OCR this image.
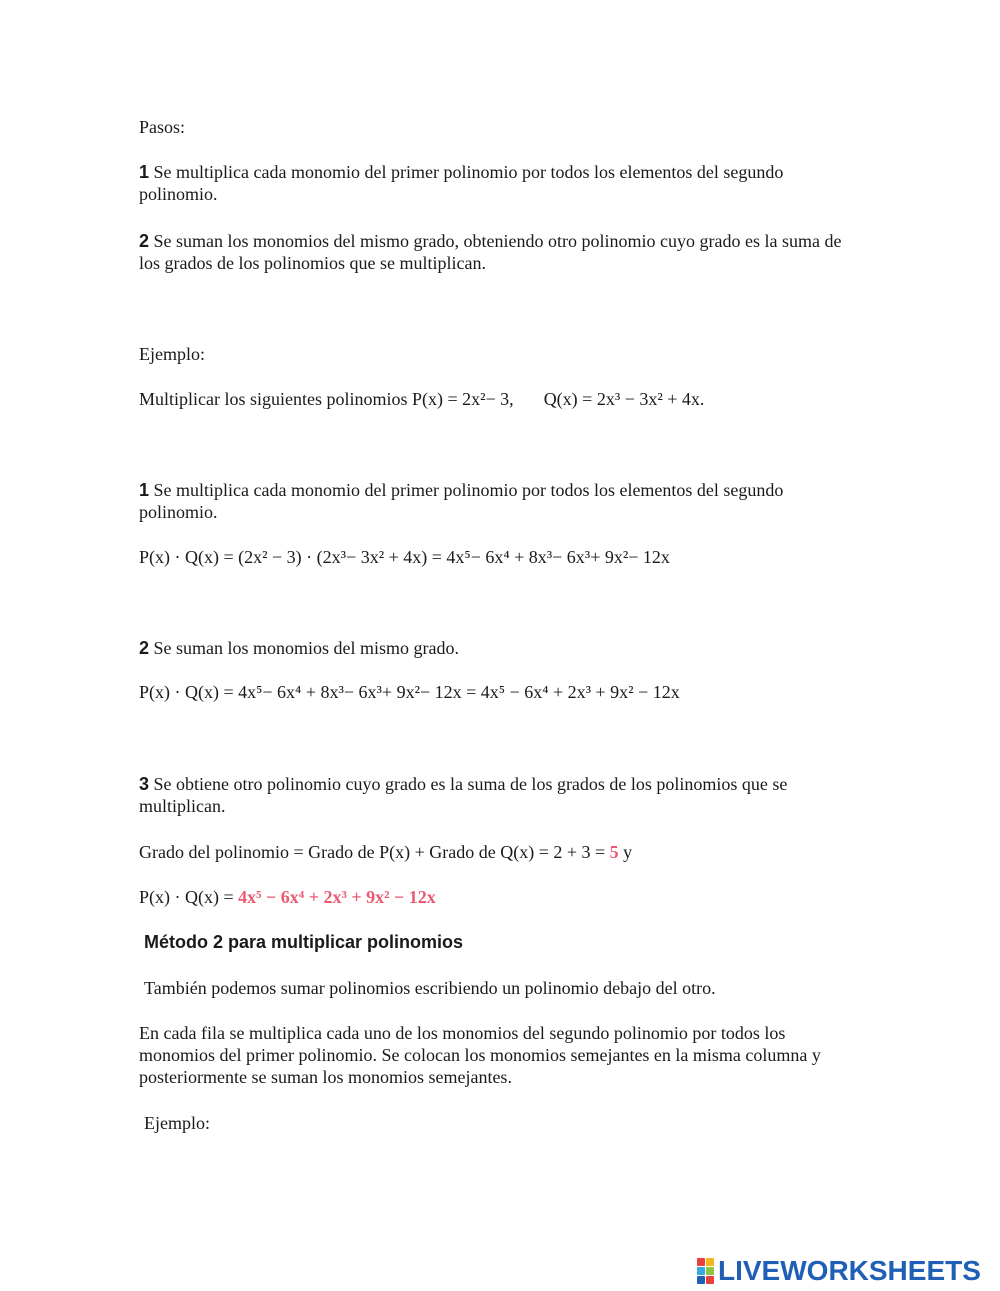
Pasos:

1 Se multiplica cada monomio del primer polinomio por todos los elementos del segundo polinomio.

2 Se suman los monomios del mismo grado, obteniendo otro polinomio cuyo grado es la suma de los grados de los polinomios que se multiplican.

Ejemplo:

Multiplicar los siguientes polinomios P(x) = 2x²− 3, Q(x) = 2x³ − 3x² + 4x.

1 Se multiplica cada monomio del primer polinomio por todos los elementos del segundo polinomio.

P(x) · Q(x) = (2x² − 3) · (2x³− 3x² + 4x) = 4x⁵− 6x⁴ + 8x³− 6x³+ 9x²− 12x

2 Se suman los monomios del mismo grado.

P(x) · Q(x) = 4x⁵− 6x⁴ + 8x³− 6x³+ 9x²− 12x = 4x⁵ − 6x⁴ + 2x³ + 9x² − 12x

3 Se obtiene otro polinomio cuyo grado es la suma de los grados de los polinomios que se multiplican.

Grado del polinomio = Grado de P(x) + Grado de Q(x) = 2 + 3 = 5 y

P(x) · Q(x) = 4x⁵ − 6x⁴ + 2x³ + 9x² − 12x

Método 2 para multiplicar polinomios

También podemos sumar polinomios escribiendo un polinomio debajo del otro.

En cada fila se multiplica cada uno de los monomios del segundo polinomio por todos los monomios del primer polinomio. Se colocan los monomios semejantes en la misma columna y posteriormente se suman los monomios semejantes.

Ejemplo:

LIVEWORKSHEETS
